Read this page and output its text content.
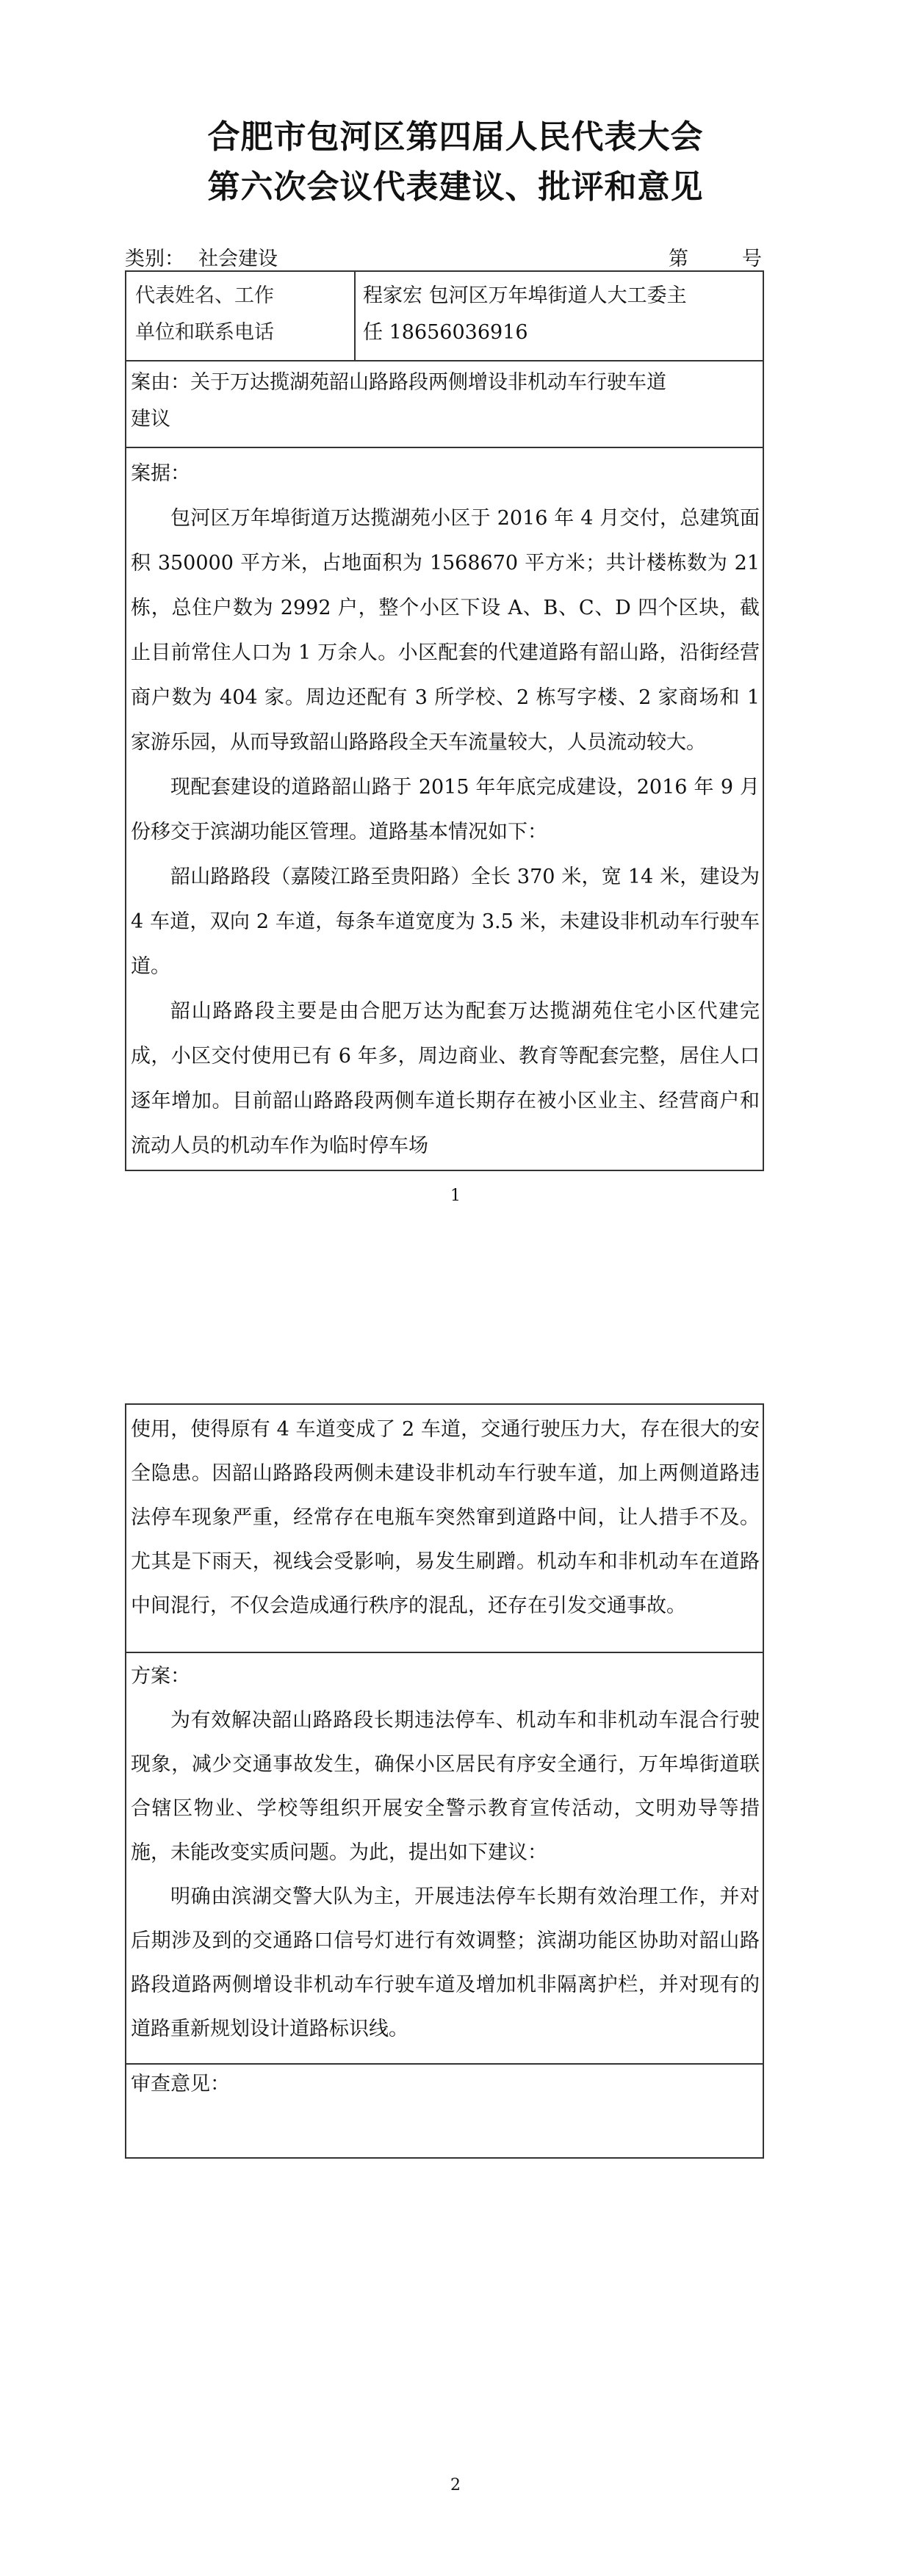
合肥市包河区第四届人民代表大会
第六次会议代表建议、批评和意见
类别： 社会建设	第	号
代表姓名、工作
单位和联系电话
程家宏 包河区万年埠街道人大工委主
任 18656036916
案由：关于万达揽湖苑韶山路路段两侧增设非机动车行驶车道
建议
案据：

包河区万年埠街道万达揽湖苑小区于 2016 年 4 月交付，总建筑面积 350000 平方米，占地面积为 1568670 平方米；共计楼栋数为 21 栋，总住户数为 2992 户，整个小区下设 A、B、C、D 四个区块，截止目前常住人口为 1 万余人。小区配套的代建道路有韶山路，沿街经营商户数为 404 家。周边还配有 3 所学校、2 栋写字楼、2 家商场和 1 家游乐园，从而导致韶山路路段全天车流量较大，人员流动较大。

现配套建设的道路韶山路于 2015 年年底完成建设，2016 年 9 月份移交于滨湖功能区管理。道路基本情况如下：

韶山路路段（嘉陵江路至贵阳路）全长 370 米，宽 14 米，建设为 4 车道，双向 2 车道，每条车道宽度为 3.5 米，未建设非机动车行驶车道。

韶山路路段主要是由合肥万达为配套万达揽湖苑住宅小区代建完成，小区交付使用已有 6 年多，周边商业、教育等配套完整，居住人口逐年增加。目前韶山路路段两侧车道长期存在被小区业主、经营商户和流动人员的机动车作为临时停车场

1

使用，使得原有 4 车道变成了 2 车道，交通行驶压力大，存在很大的安全隐患。因韶山路路段两侧未建设非机动车行驶车道，加上两侧道路违法停车现象严重，经常存在电瓶车突然窜到道路中间，让人措手不及。尤其是下雨天，视线会受影响，易发生刷蹭。机动车和非机动车在道路中间混行，不仅会造成通行秩序的混乱，还存在引发交通事故。

方案：

为有效解决韶山路路段长期违法停车、机动车和非机动车混合行驶现象，减少交通事故发生，确保小区居民有序安全通行，万年埠街道联合辖区物业、学校等组织开展安全警示教育宣传活动，文明劝导等措施，未能改变实质问题。为此，提出如下建议：

明确由滨湖交警大队为主，开展违法停车长期有效治理工作，并对后期涉及到的交通路口信号灯进行有效调整；滨湖功能区协助对韶山路路段道路两侧增设非机动车行驶车道及增加机非隔离护栏，并对现有的道路重新规划设计道路标识线。

审查意见：
2
